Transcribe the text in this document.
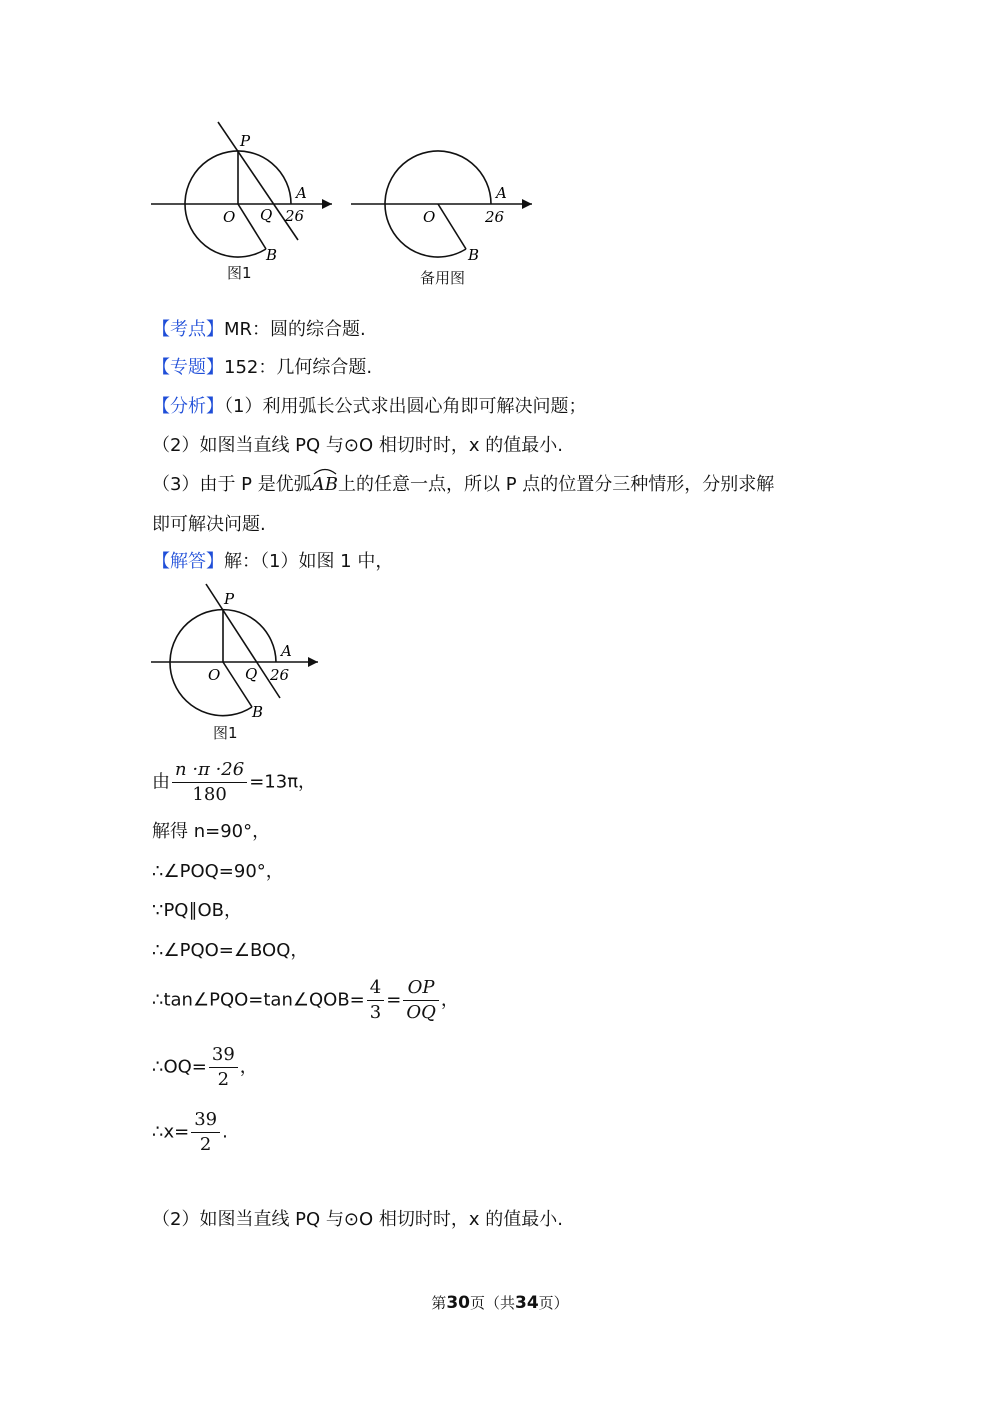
P
O Q
A
26
B
图1
O
A
26
B
备用图
【考点】MR：圆的综合题.
【专题】152：几何综合题.
【分析】（1）利用弧长公式求出圆心角即可解决问题；
（2）如图当直线 PQ 与⊙O 相切时时，x 的值最小.
（3）由于 P 是优弧
AB上的任意一点，所以 P 点的位置分三种情形，分别求解
即可解决问题.
【解答】解：（1）如图 1 中，
P
O Q
A
26
B
图1
由 $\frac{n \cdot\pi \cdot 26}{180} =13\pi$，
解得 n=90°，
∴∠POQ=90°，
∵PQ∥OB，
∴∠PQO=∠BOQ，
∴tan∠PQO=tan∠QOB= $\frac{4}{3} = \frac{OP}{OQ}$ ，
∴OQ= $\frac{39}{2}$ ，
∴x= $\frac{39}{2}$ .
（2）如图当直线 PQ 与⊙O 相切时时，x 的值最小.
第30页（共34页）
